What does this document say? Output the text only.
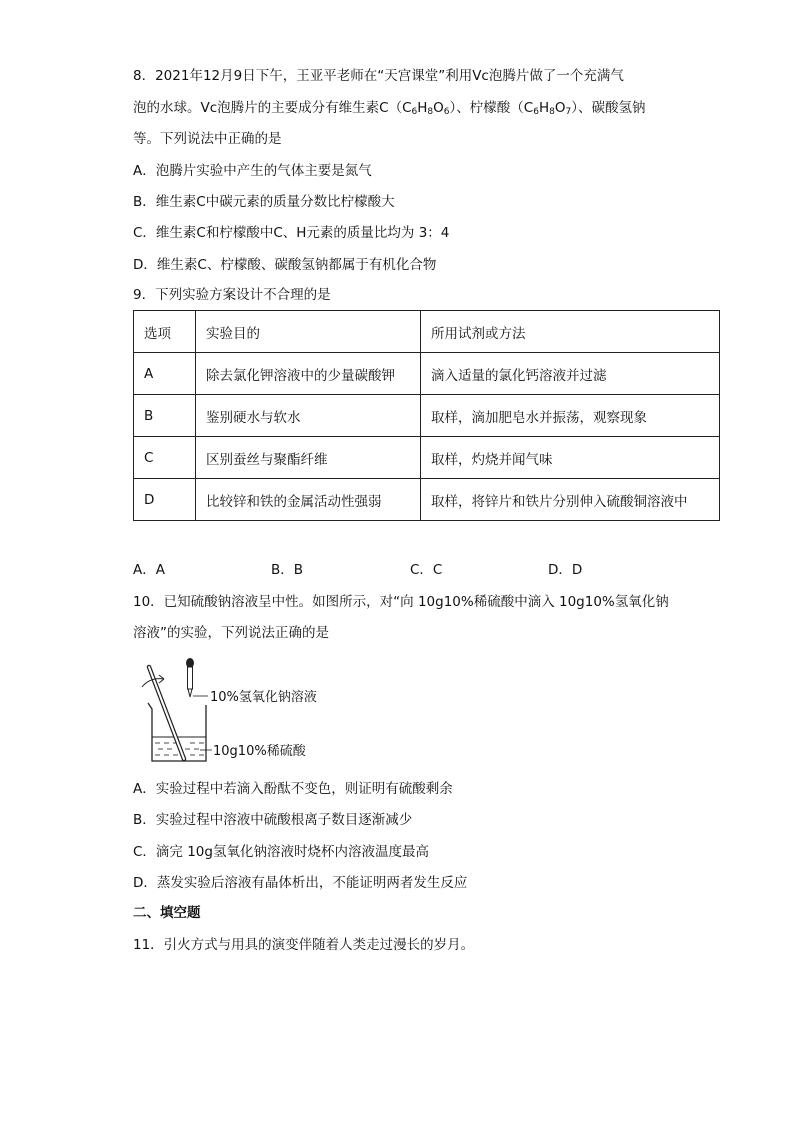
8．2021年12月9日下午，王亚平老师在“天宫课堂”利用Vc泡腾片做了一个充满气
泡的水球。Vc泡腾片的主要成分有维生素$C(C_6H_8O_6)$、柠檬酸$(C_6H_8O_7)$、碳酸氢钠
等。下列说法中正确的是
A．泡腾片实验中产生的气体主要是氮气
B．维生素C中碳元素的质量分数比柠檬酸大
C．维生素C和柠檬酸中C、H元素的质量比均为 3：4
D．维生素C、柠檬酸、碳酸氢钠都属于有机化合物
9．下列实验方案设计不合理的是
选项	实验目的	所用试剂或方法
A	除去氯化钾溶液中的少量碳酸钾	滴入适量的氯化钙溶液并过滤
B	鉴别硬水与软水	取样，滴加肥皂水并振荡，观察现象
C	区别蚕丝与聚酯纤维	取样，灼烧并闻气味
D	比较锌和铁的金属活动性强弱	取样，将锌片和铁片分别伸入硫酸铜溶液中
A．A	B．B	C．C	D．D
10．已知硫酸钠溶液呈中性。如图所示，对“向 10g10%稀硫酸中滴入 10g10%氢氧化钠
溶液”的实验，下列说法正确的是
10%氢氧化钠溶液
10g10%稀硫酸
A．实验过程中若滴入酚酞不变色，则证明有硫酸剩余
B．实验过程中溶液中硫酸根离子数目逐渐减少
C．滴完 10g氢氧化钠溶液时烧杯内溶液温度最高
D．蒸发实验后溶液有晶体析出，不能证明两者发生反应
二、填空题
11．引火方式与用具的演变伴随着人类走过漫长的岁月。
